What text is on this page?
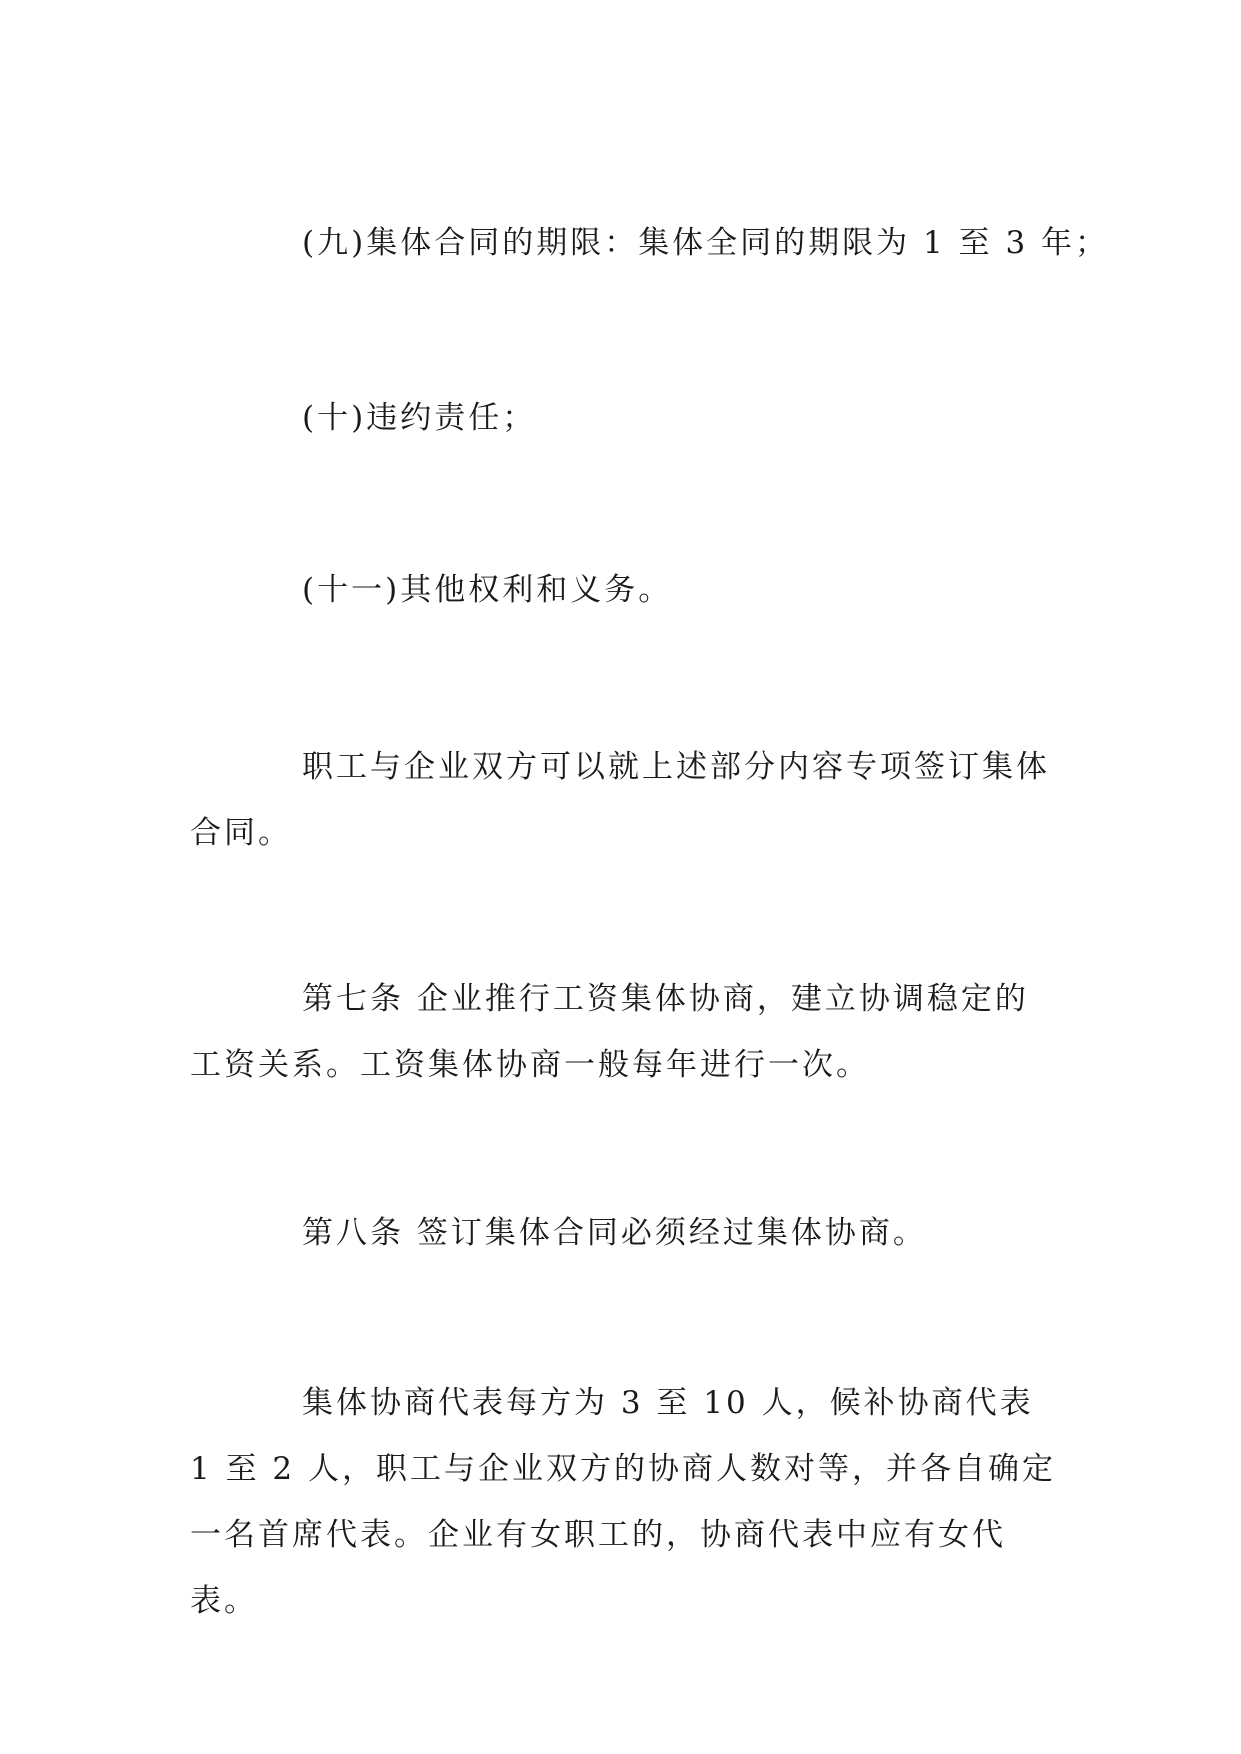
(九)集体合同的期限：集体全同的期限为 1 至 3 年；

(十)违约责任；

(十一)其他权利和义务。

职工与企业双方可以就上述部分内容专项签订集体合同。

第七条 企业推行工资集体协商，建立协调稳定的工资关系。工资集体协商一般每年进行一次。

第八条 签订集体合同必须经过集体协商。

集体协商代表每方为 3 至 10 人，候补协商代表 1 至 2 人，职工与企业双方的协商人数对等，并各自确定一名首席代表。企业有女职工的，协商代表中应有女代表。
